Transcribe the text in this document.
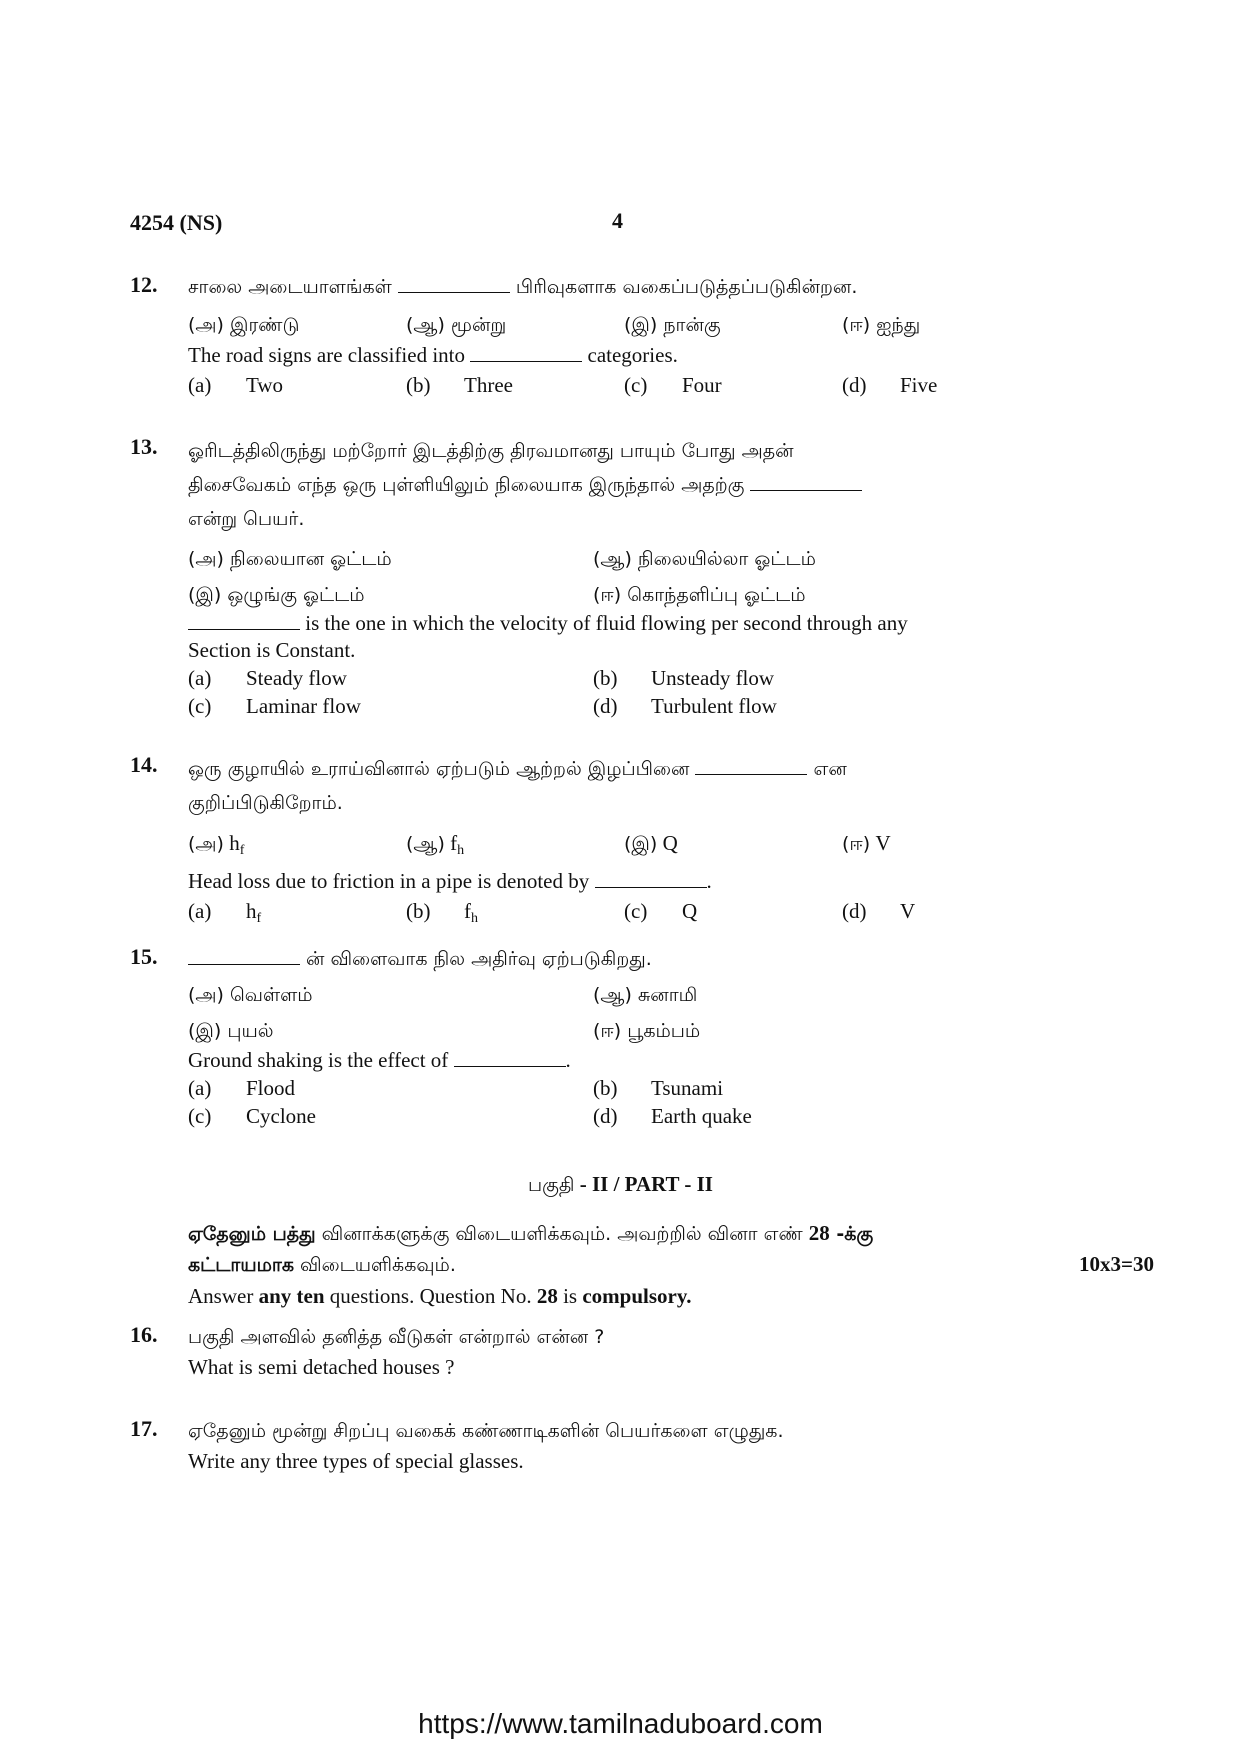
4254 (NS)	4
12. சாலை அடையாளங்கள்	பிரிவுகளாக வகைப்படுத்தப்படுகின்றன.
(அ) இரண்டு	(ஆ) மூன்று	(இ) நான்கு	(ஈ) ஐந்து
The road signs are classified into	categories.
(a) Two	(b) Three	(c) Four	(d) Five
13. ஓரிடத்திலிருந்து மற்றோர் இடத்திற்கு திரவமானது பாயும் போது அதன்
திசைவேகம் எந்த ஒரு புள்ளியிலும் நிலையாக இருந்தால் அதற்கு
என்று பெயர்.
(அ) நிலையான ஓட்டம்	(ஆ) நிலையில்லா ஓட்டம்
(இ) ஒழுங்கு ஓட்டம்	(ஈ) கொந்தளிப்பு ஓட்டம்
is the one in which the velocity of fluid flowing per second through any
Section is Constant.
(a) Steady flow	(b) Unsteady flow
(c) Laminar flow	(d) Turbulent flow
14. ஒரு குழாயில் உராய்வினால் ஏற்படும் ஆற்றல் இழப்பினை	என
குறிப்பிடுகிறோம்.
(அ) $h_f$	(ஆ) $f_h$	(இ) Q	(ஈ) V
Head loss due to friction in a pipe is denoted by	.
(a) $h_f$	(b) $f_h$	(c) Q	(d) V
15.	ன் விளைவாக நில அதிர்வு ஏற்படுகிறது.
(அ) வெள்ளம்	(ஆ) சுனாமி
(இ) புயல்	(ஈ) பூகம்பம்
Ground shaking is the effect of	.
(a) Flood	(b) Tsunami
(c) Cyclone	(d) Earth quake
பகுதி - II / PART - II
ஏதேனும் பத்து வினாக்களுக்கு விடையளிக்கவும். அவற்றில் வினா எண் 28 -க்கு
கட்டாயமாக விடையளிக்கவும்.	10x3=30
Answer any ten questions. Question No. 28 is compulsory.
16. பகுதி அளவில் தனித்த வீடுகள் என்றால் என்ன ?
What is semi detached houses ?
17. ஏதேனும் மூன்று சிறப்பு வகைக் கண்ணாடிகளின் பெயர்களை எழுதுக.
Write any three types of special glasses.
https://www.tamilnaduboard.com
